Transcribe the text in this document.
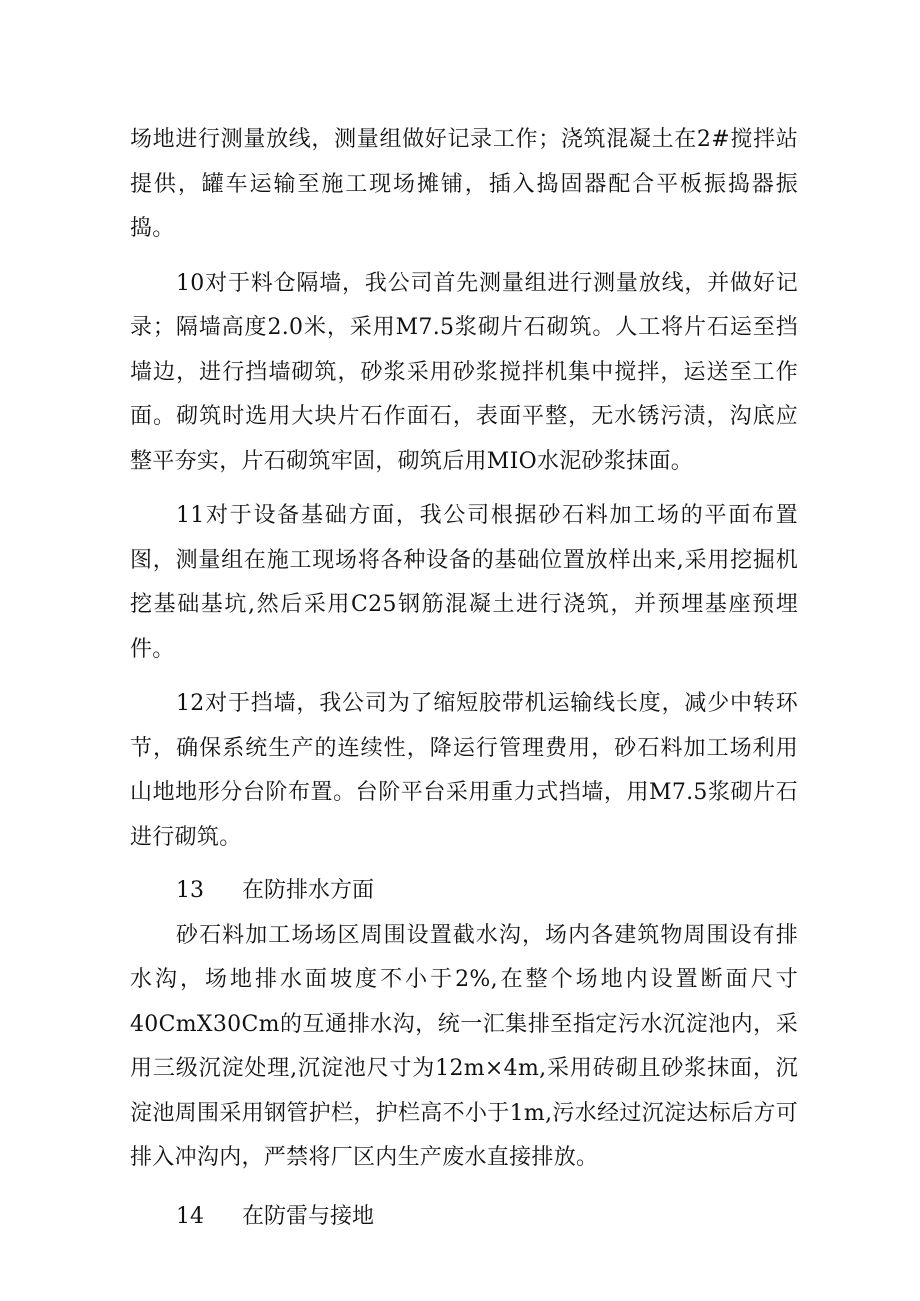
场地进行测量放线，测量组做好记录工作；浇筑混凝土在2#搅拌站提供，罐车运输至施工现场摊铺，插入捣固器配合平板振捣器振捣。

10对于料仓隔墙，我公司首先测量组进行测量放线，并做好记录；隔墙高度2.0米，采用M7.5浆砌片石砌筑。人工将片石运至挡墙边，进行挡墙砌筑，砂浆采用砂浆搅拌机集中搅拌，运送至工作面。砌筑时选用大块片石作面石，表面平整，无水锈污渍，沟底应整平夯实，片石砌筑牢固，砌筑后用MIO水泥砂浆抹面。

11对于设备基础方面，我公司根据砂石料加工场的平面布置图，测量组在施工现场将各种设备的基础位置放样出来,采用挖掘机挖基础基坑,然后采用C25钢筋混凝土进行浇筑，并预埋基座预埋件。

12对于挡墙，我公司为了缩短胶带机运输线长度，减少中转环节，确保系统生产的连续性，降运行管理费用，砂石料加工场利用山地地形分台阶布置。台阶平台采用重力式挡墙，用M7.5浆砌片石进行砌筑。

13 在防排水方面

砂石料加工场场区周围设置截水沟，场内各建筑物周围设有排水沟，场地排水面坡度不小于2%,在整个场地内设置断面尺寸40CmX30Cm的互通排水沟，统一汇集排至指定污水沉淀池内，采用三级沉淀处理,沉淀池尺寸为12m×4m,采用砖砌且砂浆抹面，沉淀池周围采用钢管护栏，护栏高不小于1m,污水经过沉淀达标后方可排入冲沟内，严禁将厂区内生产废水直接排放。

14 在防雷与接地
